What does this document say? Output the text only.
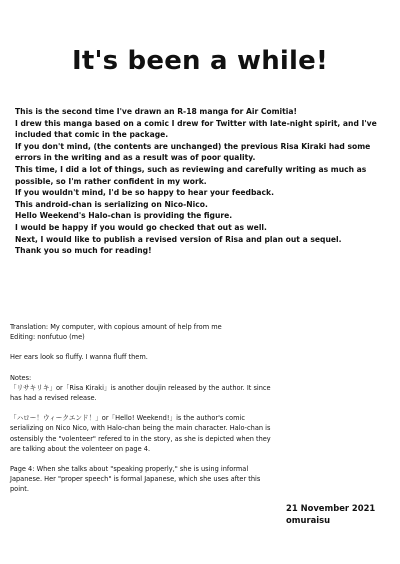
It's been a while!

This is the second time I've drawn an R-18 manga for Air Comitia!

I drew this manga based on a comic I drew for Twitter with late-night spirit, and I've included that comic in the package.

If you don't mind, (the contents are unchanged) the previous Risa Kiraki had some errors in the writing and as a result was of poor quality.

This time, I did a lot of things, such as reviewing and carefully writing as much as possible, so I'm rather confident in my work.

If you wouldn't mind, I'd be so happy to hear your feedback.

This android-chan is serializing on Nico-Nico.

Hello Weekend's Halo-chan is providing the figure.

I would be happy if you would go checked that out as well.

Next, I would like to publish a revised version of Risa and plan out a sequel.

Thank you so much for reading!

Translation: My computer, with copious amount of help from me

Editing: nonfutuo (me)

Her ears look so fluffy. I wanna fluff them.

Notes:

「リサキリキ」or「Risa Kiraki」is another doujin released by the author. It since has had a revised release.

「ハロー！ウィークエンド！」or「Hello! Weekend!」is the author's comic serializing on Nico Nico, with Halo-chan being the main character. Halo-chan is ostensibly the "volenteer" refered to in the story, as she is depicted when they are talking about the volenteer on page 4.

Page 4: When she talks about "speaking properly," she is using informal Japanese. Her "proper speech" is formal Japanese, which she uses after this point.

21 November 2021

omuraisu
